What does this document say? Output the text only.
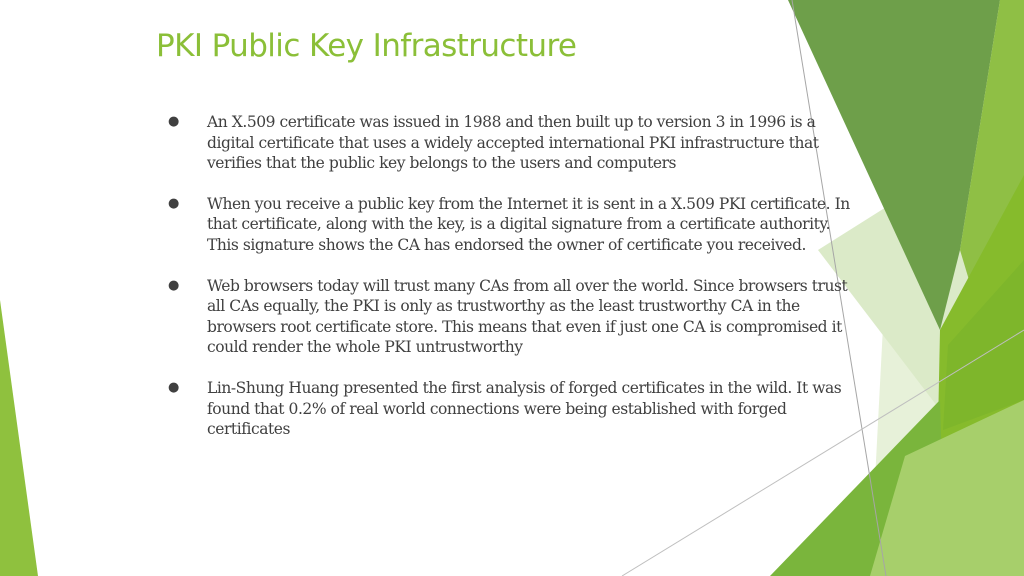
PKI Public Key Infrastructure
● An X.509 certificate was issued in 1988 and then built up to version 3 in 1996 is a digital certificate that uses a widely accepted international PKI infrastructure that verifies that the public key belongs to the users and computers
● When you receive a public key from the Internet it is sent in a X.509 PKI certificate. In that certificate, along with the key, is a digital signature from a certificate authority. This signature shows the CA has endorsed the owner of certificate you received.
● Web browsers today will trust many CAs from all over the world. Since browsers trust all CAs equally, the PKI is only as trustworthy as the least trustworthy CA in the browsers root certificate store. This means that even if just one CA is compromised it could render the whole PKI untrustworthy
● Lin-Shung Huang presented the first analysis of forged certificates in the wild. It was found that 0.2% of real world connections were being established with forged certificates
